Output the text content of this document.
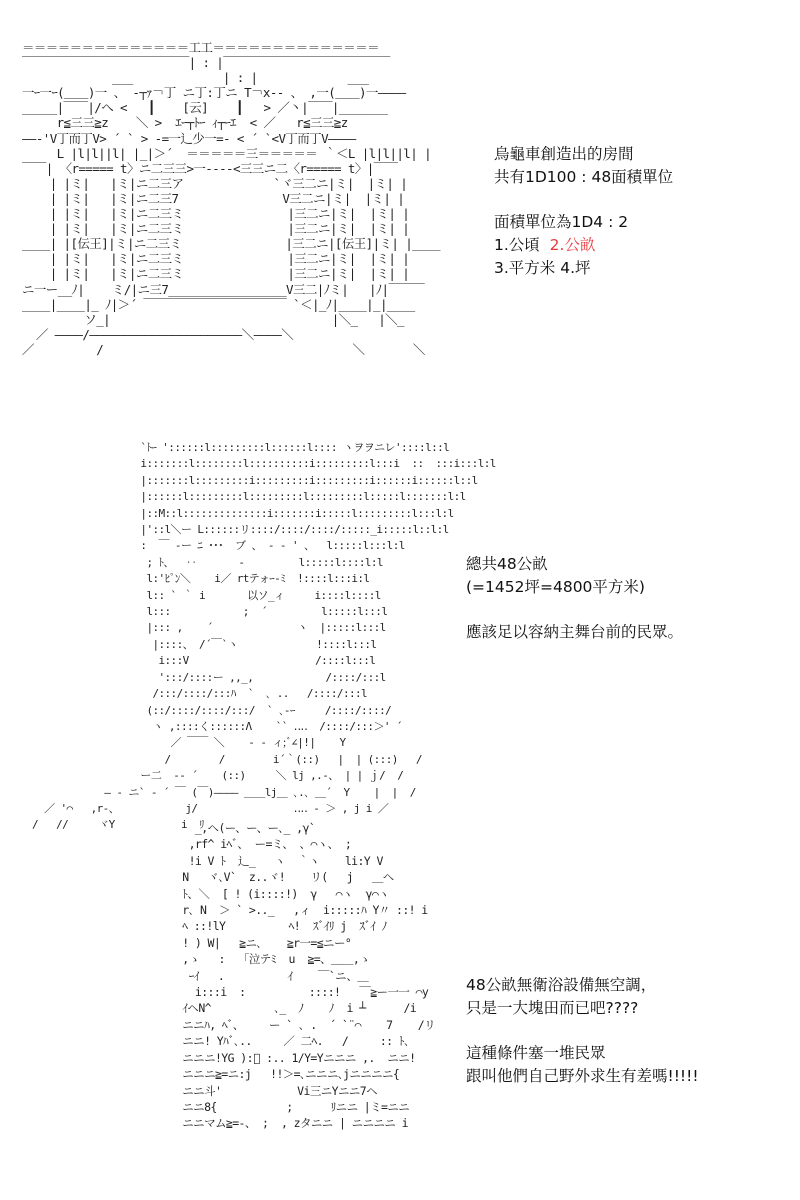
＝＝＝＝＝＝＝＝＝＝＝＝＝＝工工＝＝＝＝＝＝＝＝＝＝＝＝＝＝
￣￣￣￣￣￣￣￣￣￣￣￣￣￣| : |￣￣￣￣￣￣￣￣￣￣￣￣￣￣
___             | : |             ___
一ｰ一ｰ(＿＿)一 、 ‐┬ｧ￢丁 ニ丁:丁ニ T￢x-- 、 ,一(＿＿)一――――
_____|￣￣|/へ <   ┃    [云]    ┃   > ／丶|￣￣|_______
r≦三三≧z    ＼ >  ｴｰ┬ﾄｰ ｨ┬ｰｴ  < ／   r≦三三≧z
――‐'V丁而丁V> ´ ` > -=一辶少一=- < ´ `<V丁而丁V――――
L |l|l||l| |_|＞´  ＝＝＝＝＝三＝＝＝＝＝ ｀＜L |l|l||l| |
￣￣| 〈r===== t〉ニ二三三>一----<三三ニ二〈r===== t〉|￣￣
| |ミ|   |ミ|ニ二三ア             `ヾ三二ニ|ミ|  |ミ| |
| |ミ|   |ミ|ニ二三7               V三二ニ|ミ|  |ミ| |
| |ミ|   |ミ|ニ二三ミ               |三二ニ|ミ|  |ミ| |
| |ミ|   |ミ|ニ二三ミ               |三二ニ|ミ|  |ミ| |
____| |[伝王]|ミ|ニ二三ミ               |三二ニ|[伝王]|ミ| |____
| |ミ|   |ミ|ニ二三ミ               |三二ニ|ミ|  |ミ| |
| |ミ|   |ミ|ニ二三ミ               |三二ニ|ミ|  |ミ| |
ニ一ー__ﾉ|    ミ/|ニ三7_________________V三二|ﾉミ|   |ﾉ|￣￣￣
____|____|_ ﾉ|＞´ ￣￣￣￣￣￣￣￣￣￣￣￣ `＜|_ﾉ|____|_|____
ソ_|                                |＼_   |＼_
／ ――――/――――――――――――――――――――――＼――――＼
／         /                                    ＼       ＼

烏龜車創造出的房間

共有1D100 : 48面積單位

面積單位為1D4 : 2

1.公頃 2.公畝

3.平方米 4.坪

`ﾄｰ '::::::l:::::::::l::::::l:::: ヽヲヲニレ'::::l::l
i:::::::l::::::::l::::::::::i:::::::::l:::i  ::  :::i:::l:l
|:::::::l:::::::::i:::::::::i:::::::::i::::::i::::::l::l
|::::::l:::::::::l:::::::::l:::::::::l:::::l:::::::l:l
|::M::l::::::::::::::i:::::::i:::::l:::::::::l:::l:l
|'::l＼ー L::::::リ::::/::::/::::/:::::_i:::::l::l:l
:  ￣ -ー ﾆ ･･･  ブ 、 - - ' 、  l:::::l:::l:l
; ﾄ、  ‥       -         l:::::l::::l:l
l:'ﾋﾟﾝ＼    i／ rtテォｰ-ﾐ  !::::l:::i:l
l:: ` ｀ i       以ソ_ィ     i::::l::::l
l:::            ;  ´         l:::::l:::l
|::: ,    ´              ヽ  |:::::l:::l
|::::、 /´￣`ヽ             !::::l:::l
i:::V                     /::::l:::l
':::/::::ー ,,_,            /::::/:::l
/:::/::::/:::ﾊ  `  ､ ..   /::::/:::l
(::/::::/::::/:::/  ` ､‐ｰ     /::::/::::/
ヽ ,::::く::::::Λ    `` ‥‥  /::::/:::＞' ´
／ ￣￣ ＼    ‐ ‐ ィ;ﾞ∠|!|    Y
/        /        i´｀(::)   |  | (:::)   /
ー二  -‐ ´    (::)     ＼ lj ,.-、 | | ｊ/  /
― ‐ ニ` ‐ ´ ￣ (￣)―――― ＿＿lj＿ ､.､ ＿´  Y    |  |  /
／ '⌒   ,r‐、           j/                ‥‥ ‐ ＞ , j i ／
/   //     ヾY           i  ﾘ

總共48公畝

(=1452坪=4800平方米)

應該足以容納主舞台前的民眾。

_,ヘ(ー、ー、ー､_ ,γ`
,rf^ iﾍﾞ、 ー=ミ、 、⌒ヽ、 ;
!i V ﾄ  辶_   ヽ  ｀ヽ    li:Y V
N   ヾ､V`  z..ヾ!    リ(   j   ＿ヘ
ﾄ、＼  [ ! (i::::!)  γ   ⌒ヽ  γ⌒ヽ
r､ N  ＞ ` >.._   ,ィ  i:::::ﾊ Y〃 ::! i
ﾍ ::!lY          ﾍ!  ｽﾞｲﾘ j  ｽﾞｲ ﾉ
! ) W|   ≧ニ､    ≧r一=≦ニー°
,ゝ   :   ｢泣テﾐ  u  ≧=、＿＿,ゝ
ｰｲ   .          ｲ    ￣`ニ、＿
i:::i  :          ::::!   ￣≧ー一一 ⌒y
ｲヘN^          ､_  ﾉ    ﾉ  i ┴      /i
ニニﾊ, ﾍﾞ、    ー ` ､ .  ´ `¨⌒    7    /リ
ニニ! Yﾊﾞ､..     ／ 二ﾍ.   /     :: ﾄ､
ニニニ!YG ):ﾞ :.. 1/Y=Yニニニ ,.  ニニ!
ニニニ≧=ニ:j   !!＞=､ニニニ､jニニニニ{
ニニ斗'            Vi三ニYニニ7ヘ
ニニ8{           ;      ﾘニニ |ミ=ニニ
ニニマム≧=-、 ;  , zタニニ | ニニニニ i

48公畝無衛浴設備無空調，

只是一大塊田而已吧????

這種條件塞一堆民眾

跟叫他們自己野外求生有差嗎!!!!!
